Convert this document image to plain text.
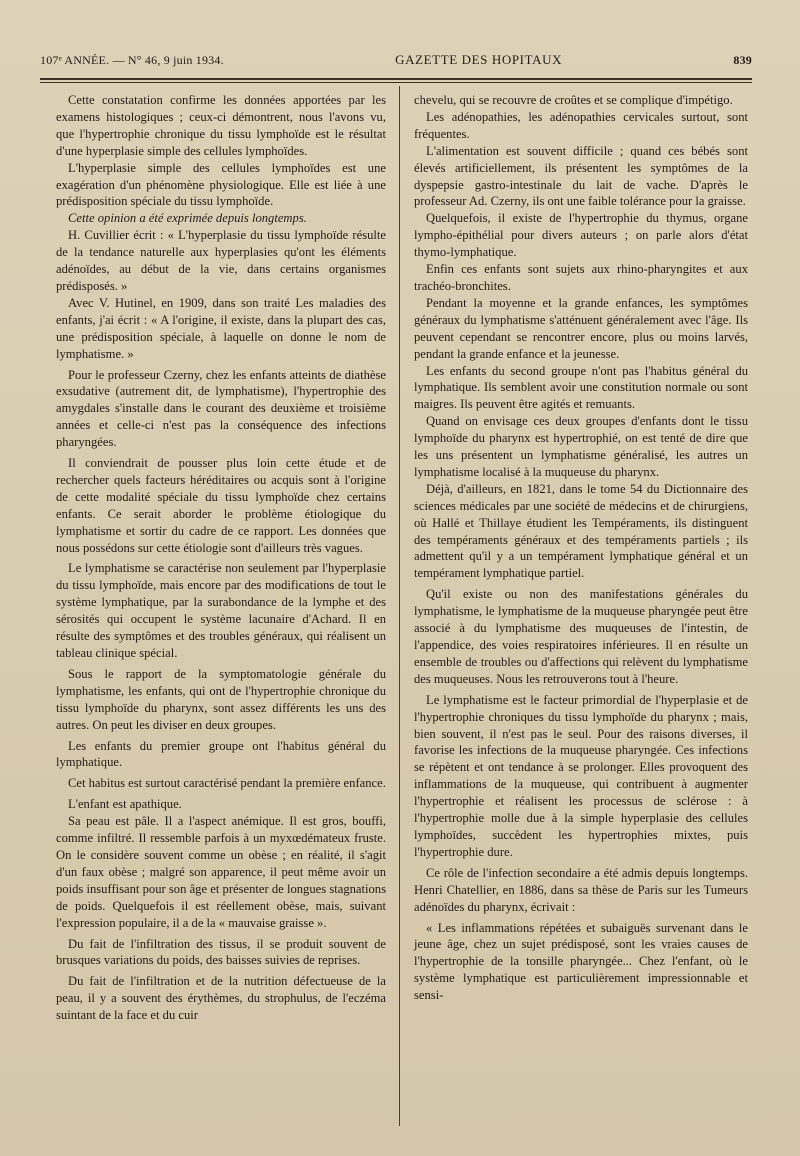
107ᵉ ANNÉE. — N° 46, 9 juin 1934.	GAZETTE DES HOPITAUX	839

Cette constatation confirme les données apportées par les examens histologiques ; ceux-ci démontrent, nous l'avons vu, que l'hypertrophie chronique du tissu lymphoïde est le résultat d'une hyperplasie simple des cellules lymphoïdes.

L'hyperplasie simple des cellules lymphoïdes est une exagération d'un phénomène physiologique. Elle est liée à une prédisposition spéciale du tissu lymphoïde.

Cette opinion a été exprimée depuis longtemps.

H. Cuvillier écrit : « L'hyperplasie du tissu lymphoïde résulte de la tendance naturelle aux hyperplasies qu'ont les éléments adénoïdes, au début de la vie, dans certains organismes prédisposés. »

Avec V. Hutinel, en 1909, dans son traité Les maladies des enfants, j'ai écrit : « A l'origine, il existe, dans la plupart des cas, une prédisposition spéciale, à laquelle on donne le nom de lymphatisme. »

Pour le professeur Czerny, chez les enfants atteints de diathèse exsudative (autrement dit, de lymphatisme), l'hypertrophie des amygdales s'installe dans le courant des deuxième et troisième années et celle-ci n'est pas la conséquence des infections pharyngées.

Il conviendrait de pousser plus loin cette étude et de rechercher quels facteurs héréditaires ou acquis sont à l'origine de cette modalité spéciale du tissu lymphoïde chez certains enfants. Ce serait aborder le problème étiologique du lymphatisme et sortir du cadre de ce rapport. Les données que nous possédons sur cette étiologie sont d'ailleurs très vagues.

Le lymphatisme se caractérise non seulement par l'hyperplasie du tissu lymphoïde, mais encore par des modifications de tout le système lymphatique, par la surabondance de la lymphe et des sérosités qui occupent le système lacunaire d'Achard. Il en résulte des symptômes et des troubles généraux, qui réalisent un tableau clinique spécial.

Sous le rapport de la symptomatologie générale du lymphatisme, les enfants, qui ont de l'hypertrophie chronique du tissu lymphoïde du pharynx, sont assez différents les uns des autres. On peut les diviser en deux groupes.

Les enfants du premier groupe ont l'habitus général du lymphatique.

Cet habitus est surtout caractérisé pendant la première enfance.

L'enfant est apathique.

Sa peau est pâle. Il a l'aspect anémique. Il est gros, bouffi, comme infiltré. Il ressemble parfois à un myxœdémateux fruste. On le considère souvent comme un obèse ; en réalité, il s'agit d'un faux obèse ; malgré son apparence, il peut même avoir un poids insuffisant pour son âge et présenter de longues stagnations de poids. Quelquefois il est réellement obèse, mais, suivant l'expression populaire, il a de la « mauvaise graisse ».

Du fait de l'infiltration des tissus, il se produit souvent de brusques variations du poids, des baisses suivies de reprises.

Du fait de l'infiltration et de la nutrition défectueuse de la peau, il y a souvent des érythèmes, du strophulus, de l'eczéma suintant de la face et du cuir

chevelu, qui se recouvre de croûtes et se complique d'impétigo.

Les adénopathies, les adénopathies cervicales surtout, sont fréquentes.

L'alimentation est souvent difficile ; quand ces bébés sont élevés artificiellement, ils présentent les symptômes de la dyspepsie gastro-intestinale du lait de vache. D'après le professeur Ad. Czerny, ils ont une faible tolérance pour la graisse.

Quelquefois, il existe de l'hypertrophie du thymus, organe lympho-épithélial pour divers auteurs ; on parle alors d'état thymo-lymphatique.

Enfin ces enfants sont sujets aux rhino-pharyngites et aux trachéo-bronchites.

Pendant la moyenne et la grande enfances, les symptômes généraux du lymphatisme s'atténuent généralement avec l'âge. Ils peuvent cependant se rencontrer encore, plus ou moins larvés, pendant la grande enfance et la jeunesse.

Les enfants du second groupe n'ont pas l'habitus général du lymphatique. Ils semblent avoir une constitution normale ou sont maigres. Ils peuvent être agités et remuants.

Quand on envisage ces deux groupes d'enfants dont le tissu lymphoïde du pharynx est hypertrophié, on est tenté de dire que les uns présentent un lymphatisme généralisé, les autres un lymphatisme localisé à la muqueuse du pharynx.

Déjà, d'ailleurs, en 1821, dans le tome 54 du Dictionnaire des sciences médicales par une société de médecins et de chirurgiens, où Hallé et Thillaye étudient les Tempéraments, ils distinguent des tempéraments généraux et des tempéraments partiels ; ils admettent qu'il y a un tempérament lymphatique général et un tempérament lymphatique partiel.

Qu'il existe ou non des manifestations générales du lymphatisme, le lymphatisme de la muqueuse pharyngée peut être associé à du lymphatisme des muqueuses de l'intestin, de l'appendice, des voies respiratoires inférieures. Il en résulte un ensemble de troubles ou d'affections qui relèvent du lymphatisme des muqueuses. Nous les retrouverons tout à l'heure.

Le lymphatisme est le facteur primordial de l'hyperplasie et de l'hypertrophie chroniques du tissu lymphoïde du pharynx ; mais, bien souvent, il n'est pas le seul. Pour des raisons diverses, il favorise les infections de la muqueuse pharyngée. Ces infections se répètent et ont tendance à se prolonger. Elles provoquent des inflammations de la muqueuse, qui contribuent à augmenter l'hypertrophie et réalisent les processus de sclérose : à l'hypertrophie molle due à la simple hyperplasie des cellules lymphoïdes, succèdent les hypertrophies mixtes, puis l'hypertrophie dure.

Ce rôle de l'infection secondaire a été admis depuis longtemps. Henri Chatellier, en 1886, dans sa thèse de Paris sur les Tumeurs adénoïdes du pharynx, écrivait :

« Les inflammations répétées et subaiguës survenant dans le jeune âge, chez un sujet prédisposé, sont les vraies causes de l'hypertrophie de la tonsille pharyngée... Chez l'enfant, où le système lymphatique est particulièrement impressionnable et sensi-
